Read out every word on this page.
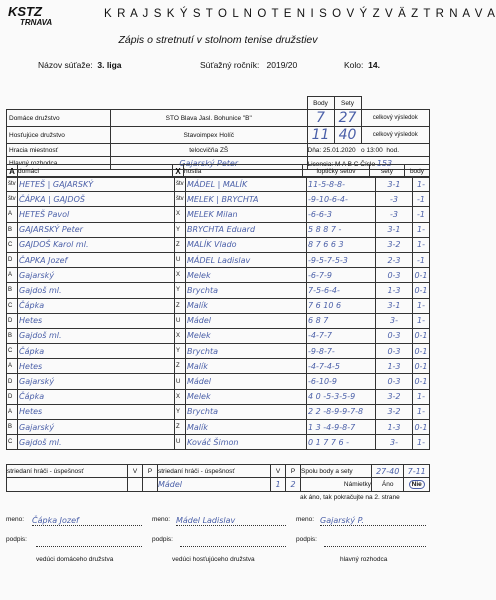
KSTZ
TRNAVA
K R A J S K Ý S T O L N O T E N I S O V Ý Z V Ä Z T R N A V A
Zápis o stretnutí v stolnom tenise družstiev
Názov súťaže: 3. liga	Súťažný ročník: 2019/20	Kolo: 14.
		Body	Sety	
Domáce družstvo	STO Blava Jasl. Bohunice "B"	7	27	celkový výsledok
Hosťujúce družstvo	Stavoimpex Holíč	11	40	celkový výsledok
Hracia miestnosť	telocvičňa ZŠ	Dňa: 25.01.2020 o 13:00 hod.		
Hlavný rozhodca	Gajarský Peter	Licencia: M A B C Číslo 153		
A	domáci	X	hostia	loptičky setov	sety	body
štv	HETEŠ | GAJARSKÝ	štv	MÁDEL | MALÍK	11-5-8-8-	3-1	1-
štv	ČÁPKA | GAJDOŠ	štv	MELEK | BRYCHTA	-9-10-6-4-	-3	-1
A	HETEŠ Pavol	X	MELEK Milan	-6-6-3	-3	-1
B	GAJARSKÝ Peter	Y	BRYCHTA Eduard	5 8 8 7 -	3-1	1-
C	GAJDOŠ Karol ml.	Z	MALÍK Vlado	8 7 6 6 3	3-2	1-
D	ČAPKA Jozef	U	MÁDEL Ladislav	-9-5-7-5-3	2-3	-1
A	Gajarský	X	Melek	-6-7-9	0-3	0-1
B	Gajdoš ml.	Y	Brychta	7-5-6-4-	1-3	0-1
C	Čápka	Z	Malík	7 6 10 6	3-1	1-
D	Hetes	U	Mádel	6 8 7	3-	1-
B	Gajdoš ml.	X	Melek	-4-7-7	0-3	0-1
C	Čápka	Y	Brychta	-9-8-7-	0-3	0-1
A	Hetes	Z	Malík	-4-7-4-5	1-3	0-1
D	Gajarský	U	Mádel	-6-10-9	0-3	0-1
D	Čápka	X	Melek	4 0 -5-3-5-9	3-2	1-
A	Hetes	Y	Brychta	2 2 -8-9-9-7-8	3-2	1-
B	Gajarský	Z	Malík	1 3 -4-9-8-7	1-3	0-1
C	Gajdoš ml.	U	Kováč Šimon	0 1 7 7 6 -	3-	1-
striedaní hráči - úspešnosť	V	P	striedaní hráči - úspešnosť	V	P	Spolu body a sety	27-40	7-11
			Mádel	1	2	Námietky	Áno	Nie
ak áno, tak pokračujte na 2. strane
meno: Čápka Jozef	meno: Mádel Ladislav	meno: Gajarský P.
podpis:	podpis:	podpis:
vedúci domáceho družstva	vedúci hosťujúceho družstva	hlavný rozhodca
